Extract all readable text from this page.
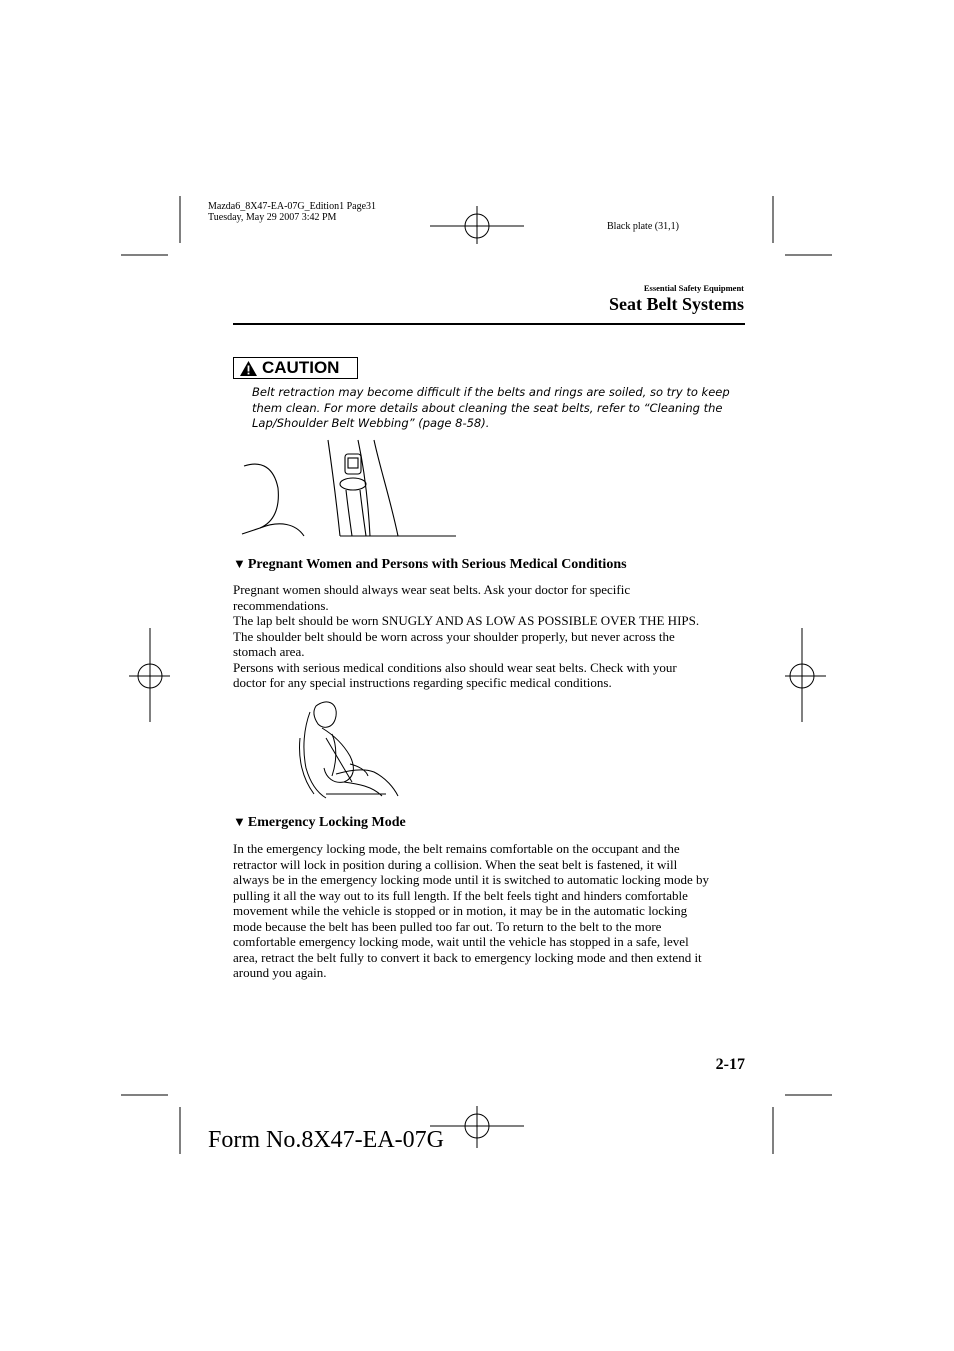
Mazda6_8X47-EA-07G_Edition1 Page31
Tuesday, May 29 2007 3:42 PM
Black plate (31,1)
Essential Safety Equipment
Seat Belt Systems
CAUTION

Belt retraction may become difficult if the belts and rings are soiled, so try to keep

them clean. For more details about cleaning the seat belts, refer to “Cleaning the

Lap/Shoulder Belt Webbing” (page 8-58).

▼ Pregnant Women and Persons with Serious Medical Conditions

Pregnant women should always wear seat belts. Ask your doctor for specific

recommendations.

The lap belt should be worn SNUGLY AND AS LOW AS POSSIBLE OVER THE HIPS.

The shoulder belt should be worn across your shoulder properly, but never across the

stomach area.

Persons with serious medical conditions also should wear seat belts. Check with your

doctor for any special instructions regarding specific medical conditions.

▼ Emergency Locking Mode

In the emergency locking mode, the belt remains comfortable on the occupant and the

retractor will lock in position during a collision. When the seat belt is fastened, it will

always be in the emergency locking mode until it is switched to automatic locking mode by

pulling it all the way out to its full length. If the belt feels tight and hinders comfortable

movement while the vehicle is stopped or in motion, it may be in the automatic locking

mode because the belt has been pulled too far out. To return to the belt to the more

comfortable emergency locking mode, wait until the vehicle has stopped in a safe, level

area, retract the belt fully to convert it back to emergency locking mode and then extend it

around you again.

2-17
Form No.8X47-EA-07G
